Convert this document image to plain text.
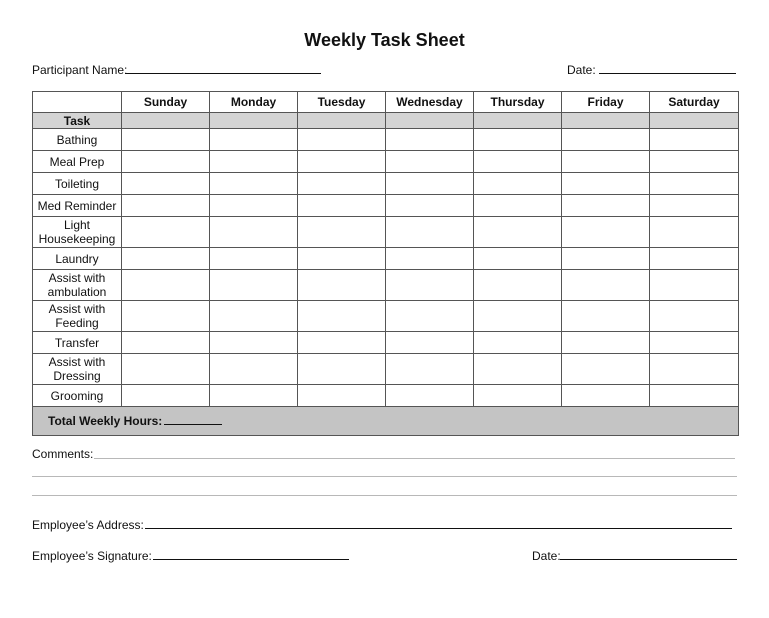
Weekly Task Sheet
Participant Name:	Date:
	Sunday	Monday	Tuesday	Wednesday	Thursday	Friday	Saturday
Task							
Bathing							
Meal Prep							
Toileting							
Med Reminder							
Light Housekeeping							
Laundry							
Assist with ambulation							
Assist with Feeding							
Transfer							
Assist with Dressing							
Grooming							
Total Weekly Hours:							
Comments:
Employee’s Address:
Employee’s Signature:	Date:
